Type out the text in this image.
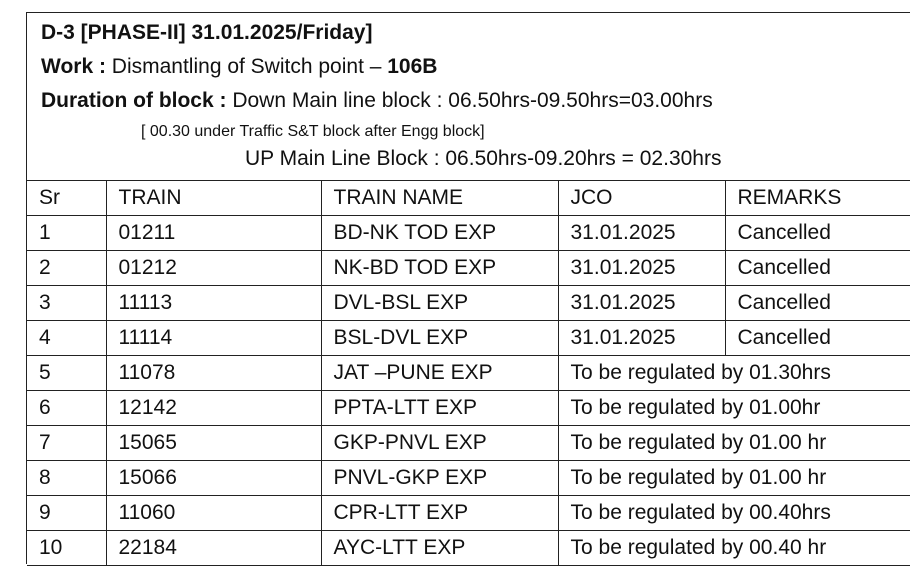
D-3 [PHASE-II] 31.01.2025/Friday]
Work : Dismantling of Switch point – 106B
Duration of block : Down Main line block : 06.50hrs-09.50hrs=03.00hrs
[ 00.30 under Traffic S&T block after Engg block]
UP Main Line Block : 06.50hrs-09.20hrs = 02.30hrs
Sr	TRAIN	TRAIN NAME	JCO	REMARKS
1	01211	BD-NK TOD EXP	31.01.2025	Cancelled
2	01212	NK-BD TOD EXP	31.01.2025	Cancelled
3	11113	DVL-BSL EXP	31.01.2025	Cancelled
4	11114	BSL-DVL EXP	31.01.2025	Cancelled
5	11078	JAT –PUNE EXP	To be regulated by 01.30hrs	
6	12142	PPTA-LTT EXP	To be regulated by 01.00hr	
7	15065	GKP-PNVL EXP	To be regulated by 01.00 hr	
8	15066	PNVL-GKP EXP	To be regulated by 01.00 hr	
9	11060	CPR-LTT EXP	To be regulated by 00.40hrs	
10	22184	AYC-LTT EXP	To be regulated by 00.40 hr	
